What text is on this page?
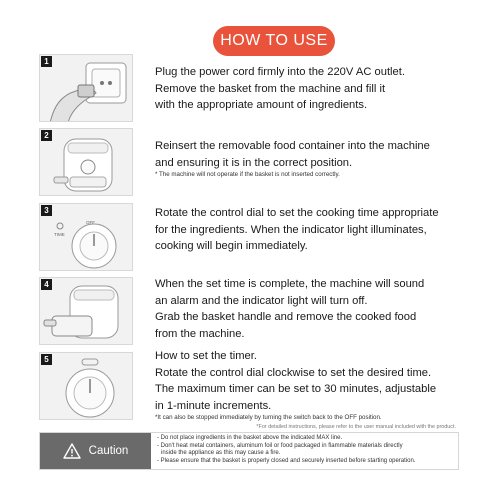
HOW TO USE
1
Plug the power cord firmly into the 220V AC outlet.
Remove the basket from the machine and fill it
with the appropriate amount of ingredients.
2
Reinsert the removable food container into the machine
and ensuring it is in the correct position.
* The machine will not operate if the basket is not inserted correctly.
OFF
TIME
3	Rotate the control dial to set the cooking time appropriate
for the ingredients. When the indicator light illuminates,
cooking will begin immediately.
4	When the set time is complete, the machine will sound
an alarm and the indicator light will turn off.
Grab the basket handle and remove the cooked food
from the machine.
5	How to set the timer.
Rotate the control dial clockwise to set the desired time.
The maximum timer can be set to 30 minutes, adjustable
in 1-minute increments.
*It can also be stopped immediately by turning the switch back to the OFF position.
*For detailed instructions, please refer to the user manual included with the product.
Caution
- Do not place ingredients in the basket above the indicated MAX line.
- Don't heat metal containers, aluminum foil or food packaged in flammable materials directly
inside the appliance as this may cause a fire.
- Please ensure that the basket is properly closed and securely inserted before starting operation.
